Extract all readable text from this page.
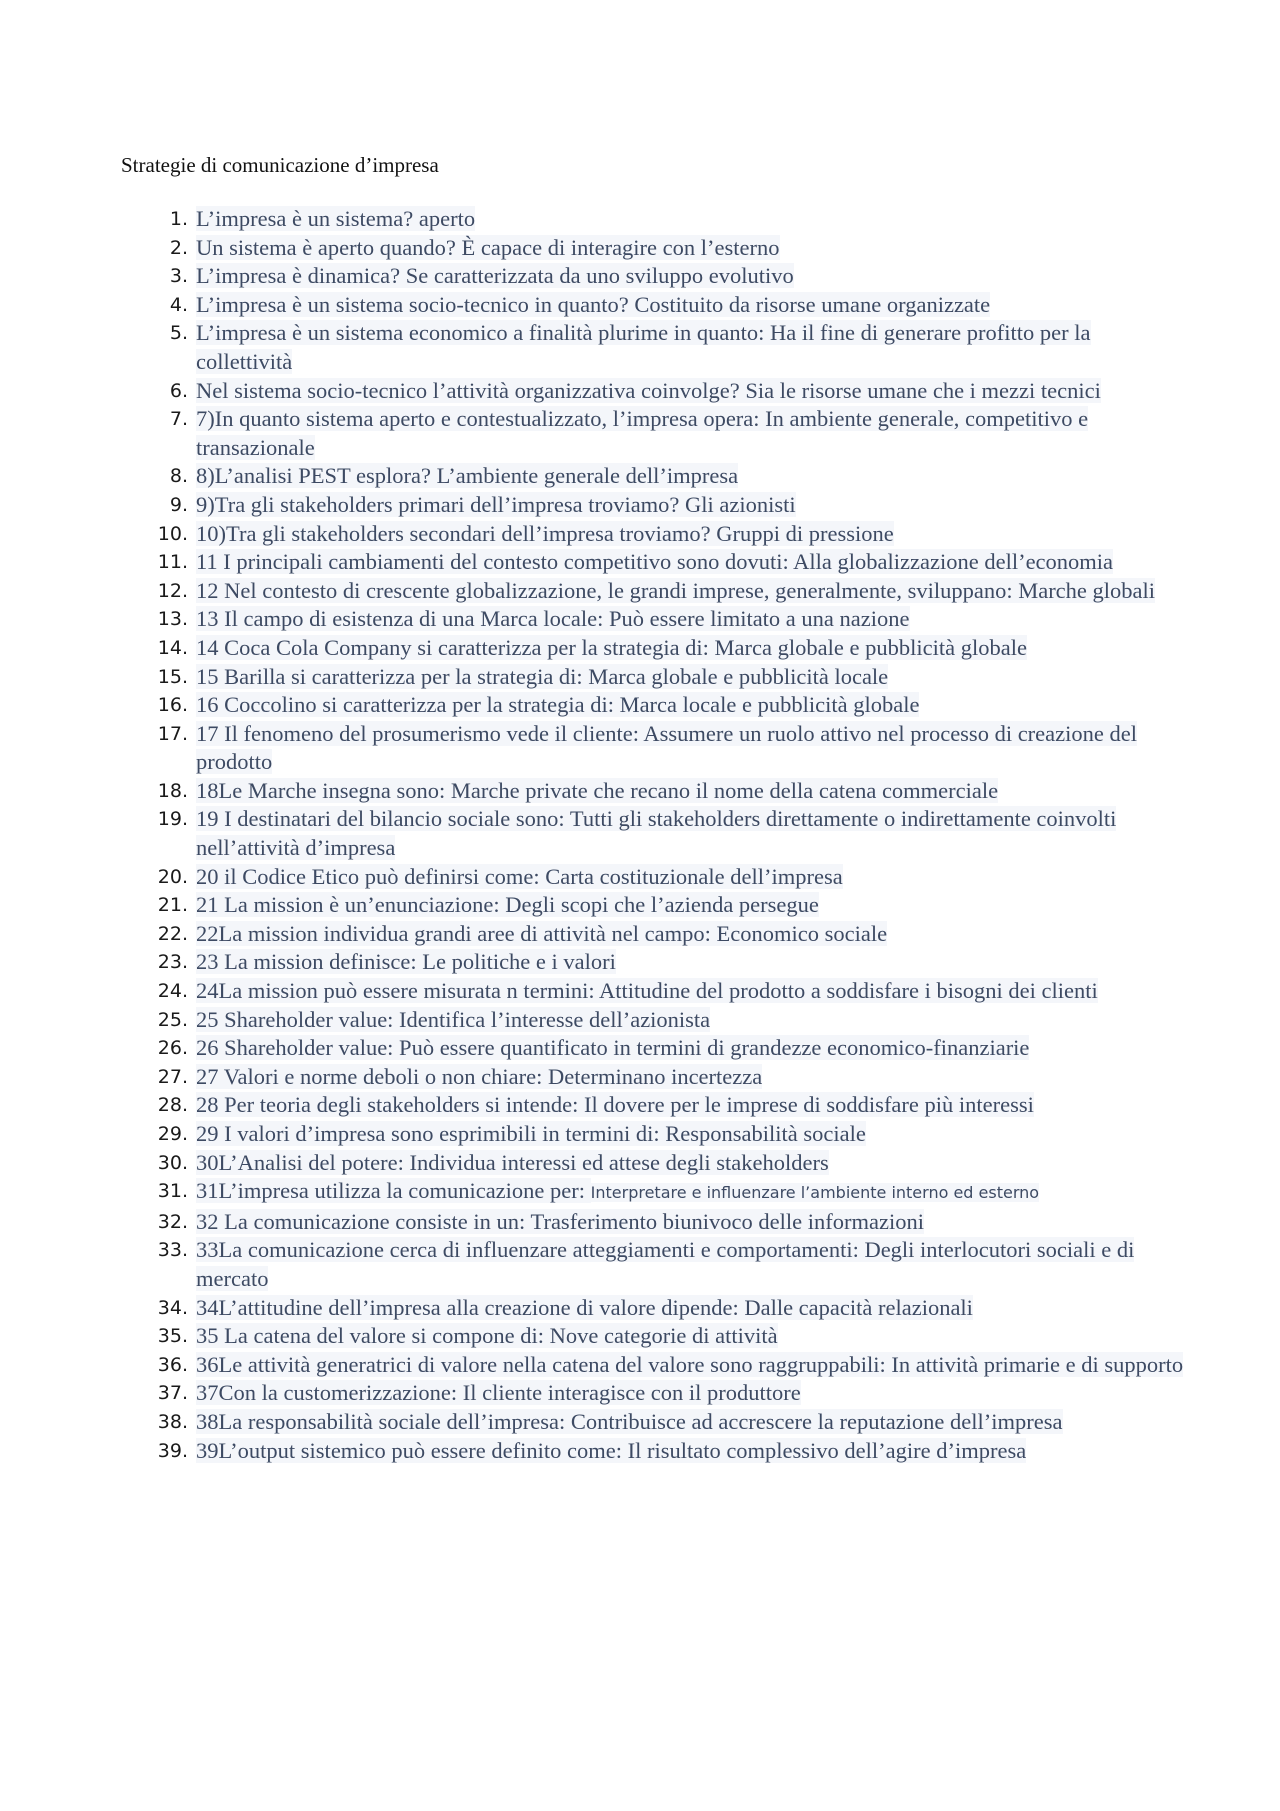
Strategie di comunicazione d’impresa
1. L’impresa è un sistema? aperto
2. Un sistema è aperto quando? È capace di interagire con l’esterno
3. L’impresa è dinamica? Se caratterizzata da uno sviluppo evolutivo
4. L’impresa è un sistema socio-tecnico in quanto? Costituito da risorse umane organizzate
5. L’impresa è un sistema economico a finalità plurime in quanto: Ha il fine di generare profitto per la collettività
6. Nel sistema socio-tecnico l’attività organizzativa coinvolge? Sia le risorse umane che i mezzi tecnici
7. 7)In quanto sistema aperto e contestualizzato, l’impresa opera: In ambiente generale, competitivo e transazionale
8. 8)L’analisi PEST esplora? L’ambiente generale dell’impresa
9. 9)Tra gli stakeholders primari dell’impresa troviamo? Gli azionisti
10. 10)Tra gli stakeholders secondari dell’impresa troviamo? Gruppi di pressione
11. 11 I principali cambiamenti del contesto competitivo sono dovuti: Alla globalizzazione dell’economia
12. 12 Nel contesto di crescente globalizzazione, le grandi imprese, generalmente, sviluppano: Marche globali
13. 13 Il campo di esistenza di una Marca locale: Può essere limitato a una nazione
14. 14 Coca Cola Company si caratterizza per la strategia di: Marca globale e pubblicità globale
15. 15 Barilla si caratterizza per la strategia di: Marca globale e pubblicità locale
16. 16 Coccolino si caratterizza per la strategia di: Marca locale e pubblicità globale
17. 17 Il fenomeno del prosumerismo vede il cliente: Assumere un ruolo attivo nel processo di creazione del prodotto
18. 18Le Marche insegna sono: Marche private che recano il nome della catena commerciale
19. 19 I destinatari del bilancio sociale sono: Tutti gli stakeholders direttamente o indirettamente coinvolti nell’attività d’impresa
20. 20 il Codice Etico può definirsi come: Carta costituzionale dell’impresa
21. 21 La mission è un’enunciazione: Degli scopi che l’azienda persegue
22. 22La mission individua grandi aree di attività nel campo: Economico sociale
23. 23 La mission definisce: Le politiche e i valori
24. 24La mission può essere misurata n termini: Attitudine del prodotto a soddisfare i bisogni dei clienti
25. 25 Shareholder value: Identifica l’interesse dell’azionista
26. 26 Shareholder value: Può essere quantificato in termini di grandezze economico-finanziarie
27. 27 Valori e norme deboli o non chiare: Determinano incertezza
28. 28 Per teoria degli stakeholders si intende: Il dovere per le imprese di soddisfare più interessi
29. 29 I valori d’impresa sono esprimibili in termini di: Responsabilità sociale
30. 30L’Analisi del potere: Individua interessi ed attese degli stakeholders
31. 31L’impresa utilizza la comunicazione per: Interpretare e influenzare l’ambiente interno ed esterno
32. 32 La comunicazione consiste in un: Trasferimento biunivoco delle informazioni
33. 33La comunicazione cerca di influenzare atteggiamenti e comportamenti: Degli interlocutori sociali e di mercato
34. 34L’attitudine dell’impresa alla creazione di valore dipende: Dalle capacità relazionali
35. 35 La catena del valore si compone di: Nove categorie di attività
36. 36Le attività generatrici di valore nella catena del valore sono raggruppabili: In attività primarie e di supporto
37. 37Con la customerizzazione: Il cliente interagisce con il produttore
38. 38La responsabilità sociale dell’impresa: Contribuisce ad accrescere la reputazione dell’impresa
39. 39L’output sistemico può essere definito come: Il risultato complessivo dell’agire d’impresa
